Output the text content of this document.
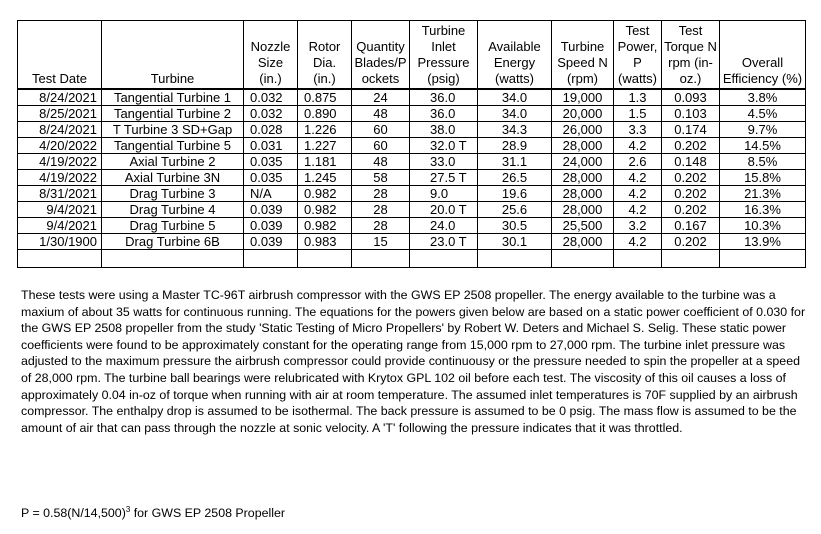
Test Date	Turbine	Nozzle Size (in.)	Rotor Dia. (in.)	Quantity Blades/P ockets	Turbine Inlet Pressure (psig)	Available Energy (watts)	Turbine Speed N (rpm)	Test Power, P (watts)	Test Torque N rpm (in-oz.)	Overall Efficiency (%)
8/24/2021	Tangential Turbine 1	0.032	0.875	24	36.0	34.0	19,000	1.3	0.093	3.8%
8/25/2021	Tangential Turbine 2	0.032	0.890	48	36.0	34.0	20,000	1.5	0.103	4.5%
8/24/2021	T Turbine 3 SD+Gap	0.028	1.226	60	38.0	34.3	26,000	3.3	0.174	9.7%
4/20/2022	Tangential Turbine 5	0.031	1.227	60	32.0 T	28.9	28,000	4.2	0.202	14.5%
4/19/2022	Axial Turbine 2	0.035	1.181	48	33.0	31.1	24,000	2.6	0.148	8.5%
4/19/2022	Axial Turbine 3N	0.035	1.245	58	27.5 T	26.5	28,000	4.2	0.202	15.8%
8/31/2021	Drag Turbine 3	N/A	0.982	28	9.0	19.6	28,000	4.2	0.202	21.3%
9/4/2021	Drag Turbine 4	0.039	0.982	28	20.0 T	25.6	28,000	4.2	0.202	16.3%
9/4/2021	Drag Turbine 5	0.039	0.982	28	24.0	30.5	25,500	3.2	0.167	10.3%
1/30/1900	Drag Turbine 6B	0.039	0.983	15	23.0 T	30.1	28,000	4.2	0.202	13.9%

These tests were using a Master TC-96T airbrush compressor with the GWS EP 2508 propeller. The energy available to the turbine was a maxium of about 35 watts for continuous running. The equations for the powers given below are based on a static power coefficient of 0.030 for the GWS EP 2508 propeller from the study 'Static Testing of Micro Propellers' by Robert W. Deters and Michael S. Selig. These static power coefficients were found to be approximately constant for the operating range from 15,000 rpm to 27,000 rpm. The turbine inlet pressure was adjusted to the maximum pressure the airbrush compressor could provide continuousy or the pressure needed to spin the propeller at a speed of 28,000 rpm. The turbine ball bearings were relubricated with Krytox GPL 102 oil before each test. The viscosity of this oil causes a loss of approximately 0.04 in-oz of torque when running with air at room temperature. The assumed inlet temperatures is 70F supplied by an airbrush compressor. The enthalpy drop is assumed to be isothermal. The back pressure is assumed to be 0 psig. The mass flow is assumed to be the amount of air that can pass through the nozzle at sonic velocity. A 'T' following the pressure indicates that it was throttled.

$P = 0.58(N/14,500)^3$ for GWS EP 2508 Propeller
